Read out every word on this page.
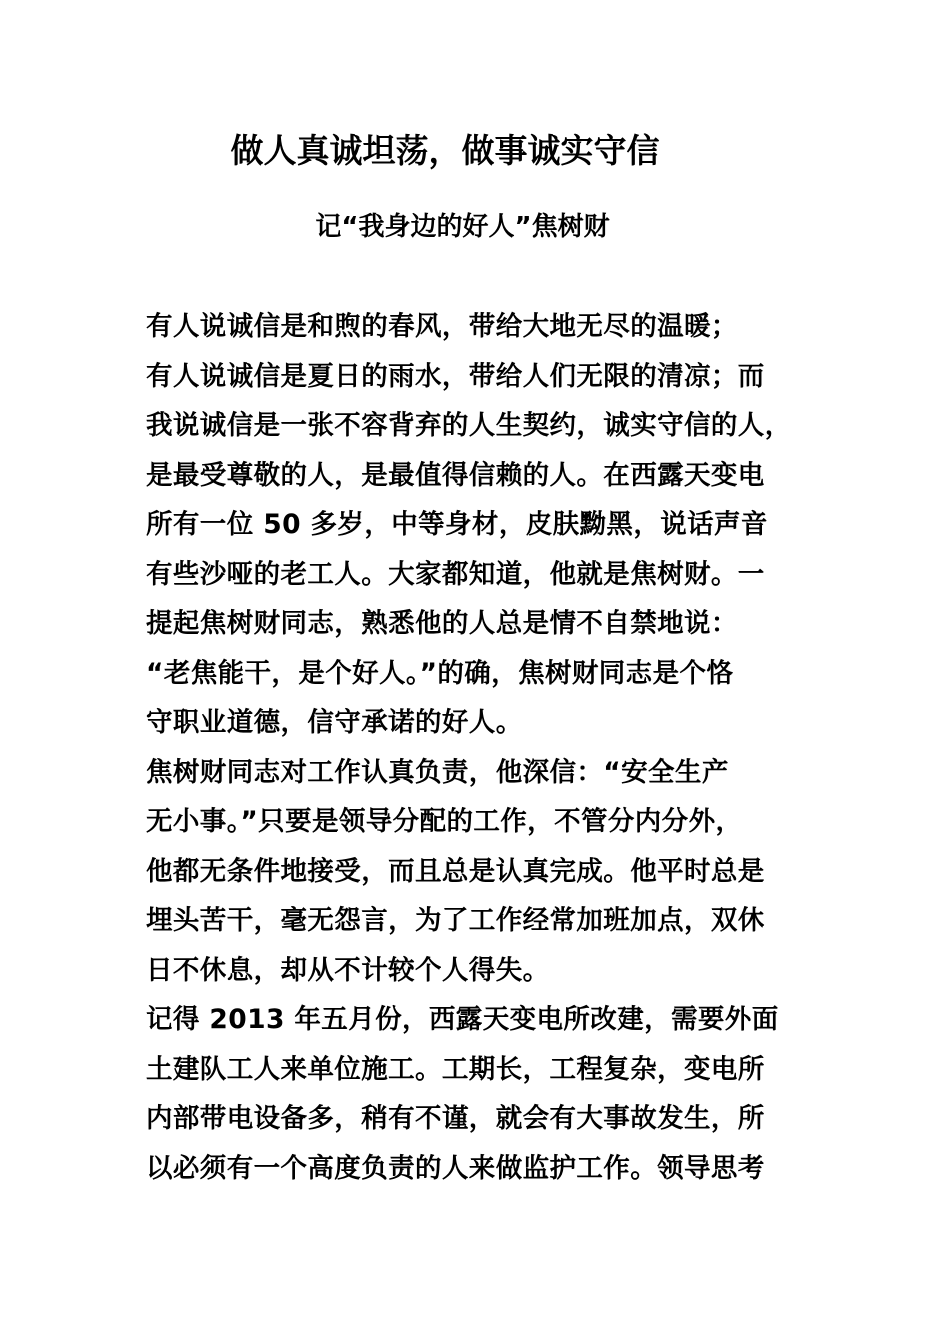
做人真诚坦荡，做事诚实守信
记“我身边的好人”焦树财
有人说诚信是和煦的春风，带给大地无尽的温暖；
有人说诚信是夏日的雨水，带给人们无限的清凉；而
我说诚信是一张不容背弃的人生契约，诚实守信的人，
是最受尊敬的人，是最值得信赖的人。在西露天变电
所有一位 50 多岁，中等身材，皮肤黝黑，说话声音
有些沙哑的老工人。大家都知道，他就是焦树财。一
提起焦树财同志，熟悉他的人总是情不自禁地说：
“老焦能干，是个好人。”的确，焦树财同志是个恪
守职业道德，信守承诺的好人。
焦树财同志对工作认真负责，他深信：“安全生产
无小事。”只要是领导分配的工作，不管分内分外，
他都无条件地接受，而且总是认真完成。他平时总是
埋头苦干，毫无怨言，为了工作经常加班加点，双休
日不休息，却从不计较个人得失。
记得 2013 年五月份，西露天变电所改建，需要外面
土建队工人来单位施工。工期长，工程复杂，变电所
内部带电设备多，稍有不谨，就会有大事故发生，所
以必须有一个高度负责的人来做监护工作。领导思考
